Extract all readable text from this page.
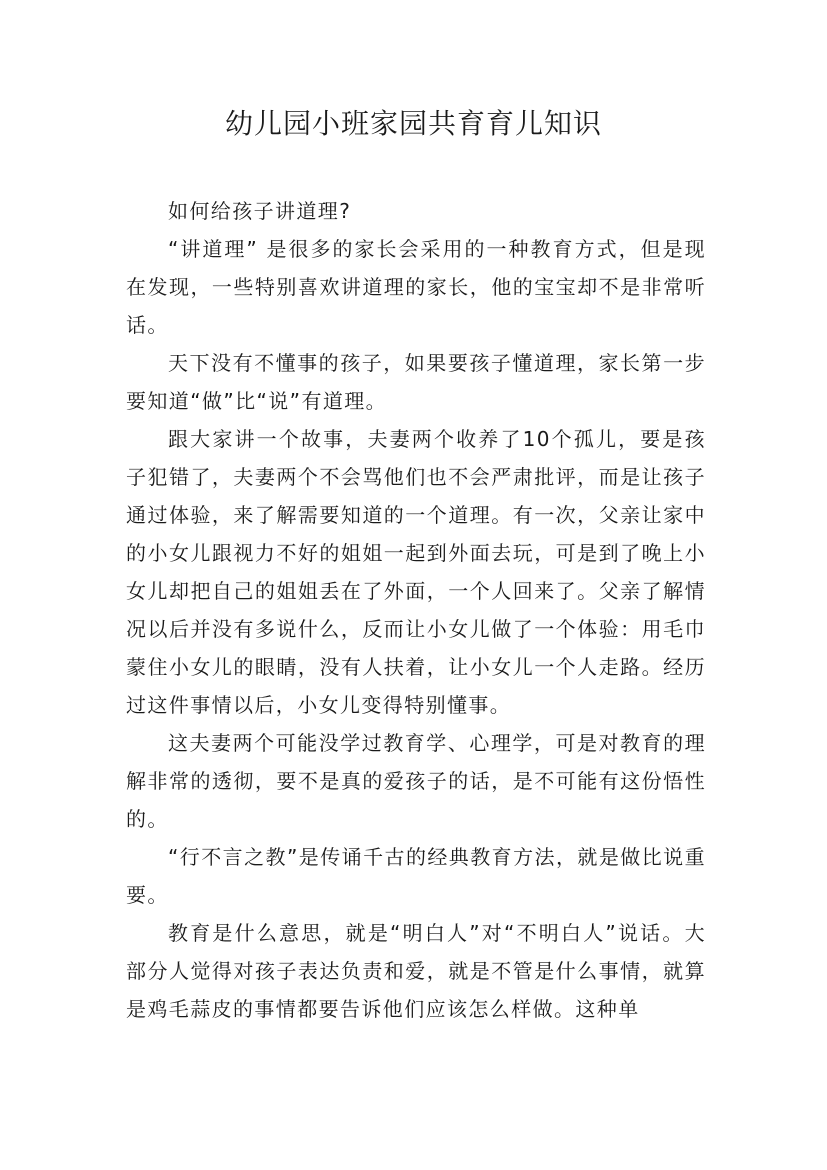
幼儿园小班家园共育育儿知识

如何给孩子讲道理?

“讲道理” 是很多的家长会采用的一种教育方式，但是现在发现，一些特别喜欢讲道理的家长，他的宝宝却不是非常听话。

天下没有不懂事的孩子，如果要孩子懂道理，家长第一步要知道“做”比“说”有道理。

跟大家讲一个故事，夫妻两个收养了10个孤儿，要是孩子犯错了，夫妻两个不会骂他们也不会严肃批评，而是让孩子通过体验，来了解需要知道的一个道理。有一次，父亲让家中的小女儿跟视力不好的姐姐一起到外面去玩，可是到了晚上小女儿却把自己的姐姐丢在了外面，一个人回来了。父亲了解情况以后并没有多说什么，反而让小女儿做了一个体验：用毛巾蒙住小女儿的眼睛，没有人扶着，让小女儿一个人走路。经历过这件事情以后，小女儿变得特别懂事。

这夫妻两个可能没学过教育学、心理学，可是对教育的理解非常的透彻，要不是真的爱孩子的话，是不可能有这份悟性的。

“行不言之教”是传诵千古的经典教育方法，就是做比说重要。

教育是什么意思，就是“明白人”对“不明白人”说话。大部分人觉得对孩子表达负责和爱，就是不管是什么事情，就算是鸡毛蒜皮的事情都要告诉他们应该怎么样做。这种单
